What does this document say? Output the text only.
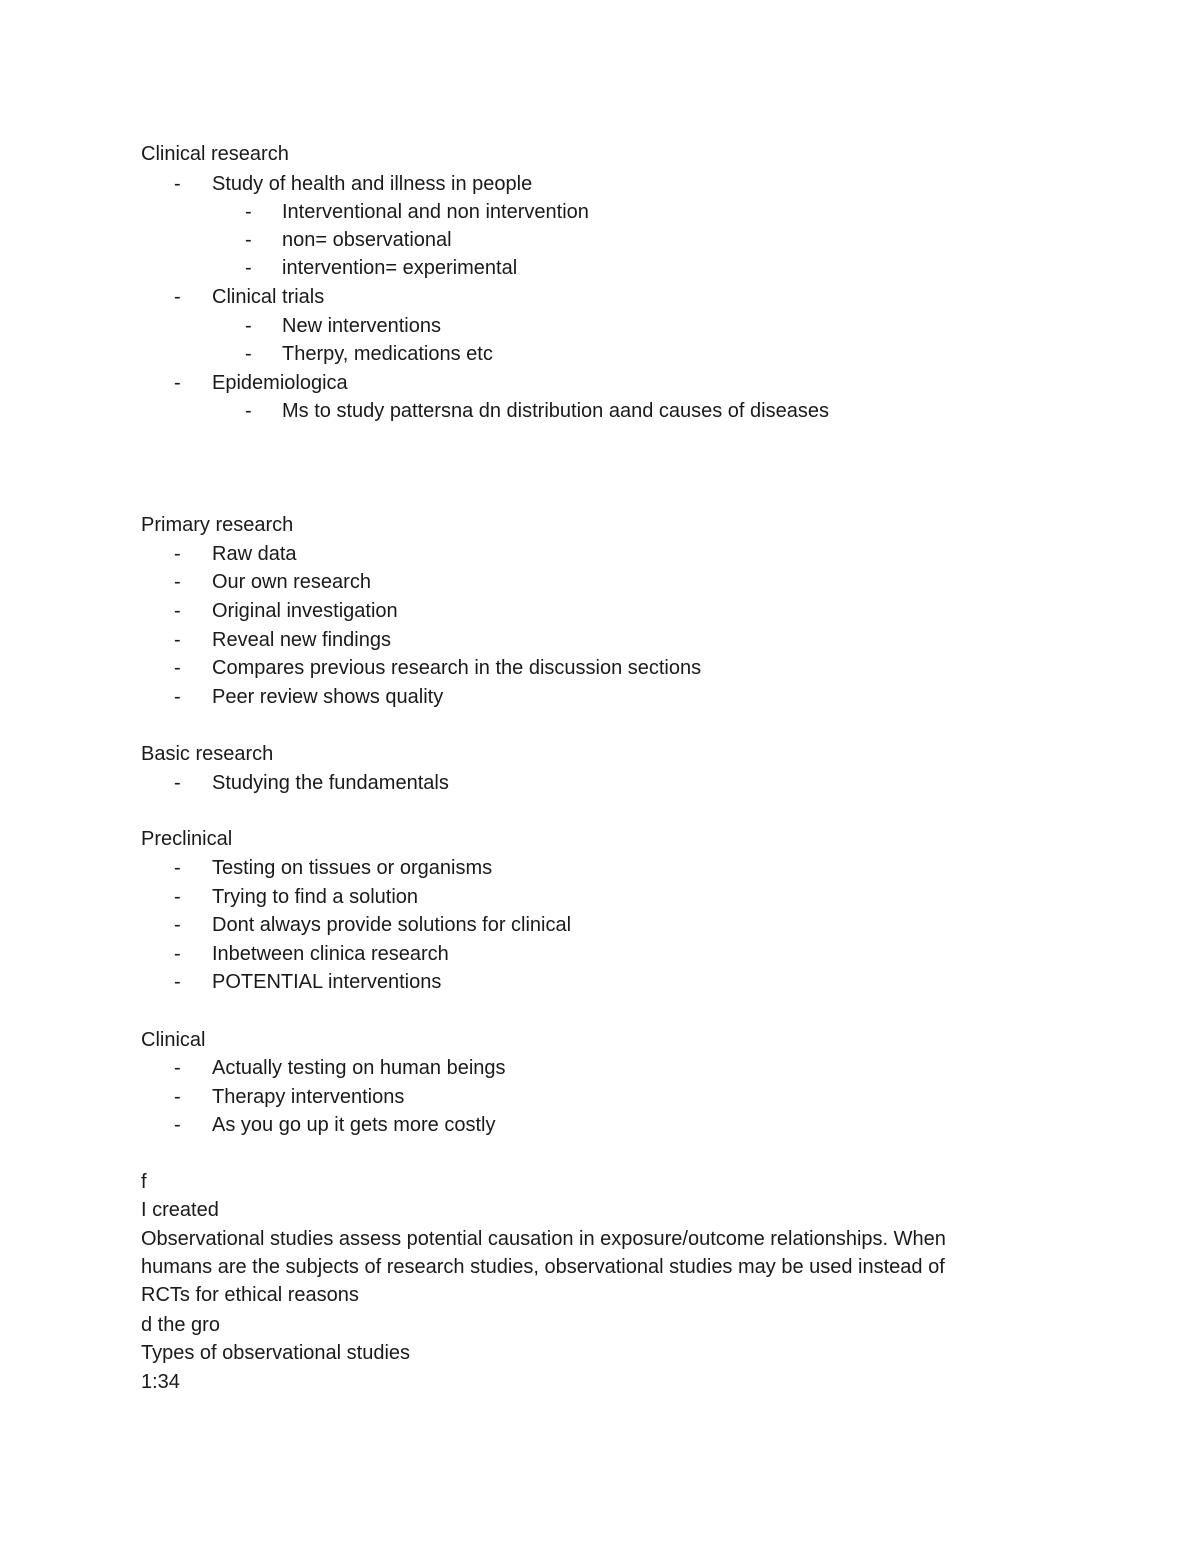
Clinical research
- Study of health and illness in people
- Interventional and non intervention
- non= observational
- intervention= experimental
- Clinical trials
- New interventions
- Therpy, medications etc
- Epidemiologica
- Ms to study pattersna dn distribution aand causes of diseases
Primary research
- Raw data
- Our own research
- Original investigation
- Reveal new findings
- Compares previous research in the discussion sections
- Peer review shows quality
Basic research
- Studying the fundamentals
Preclinical
- Testing on tissues or organisms
- Trying to find a solution
- Dont always provide solutions for clinical
- Inbetween clinica research
- POTENTIAL interventions
Clinical
- Actually testing on human beings
- Therapy interventions
- As you go up it gets more costly
f
I created
Observational studies assess potential causation in exposure/outcome relationships. When
humans are the subjects of research studies, observational studies may be used instead of
RCTs for ethical reasons
d the gro
Types of observational studies
1:34
